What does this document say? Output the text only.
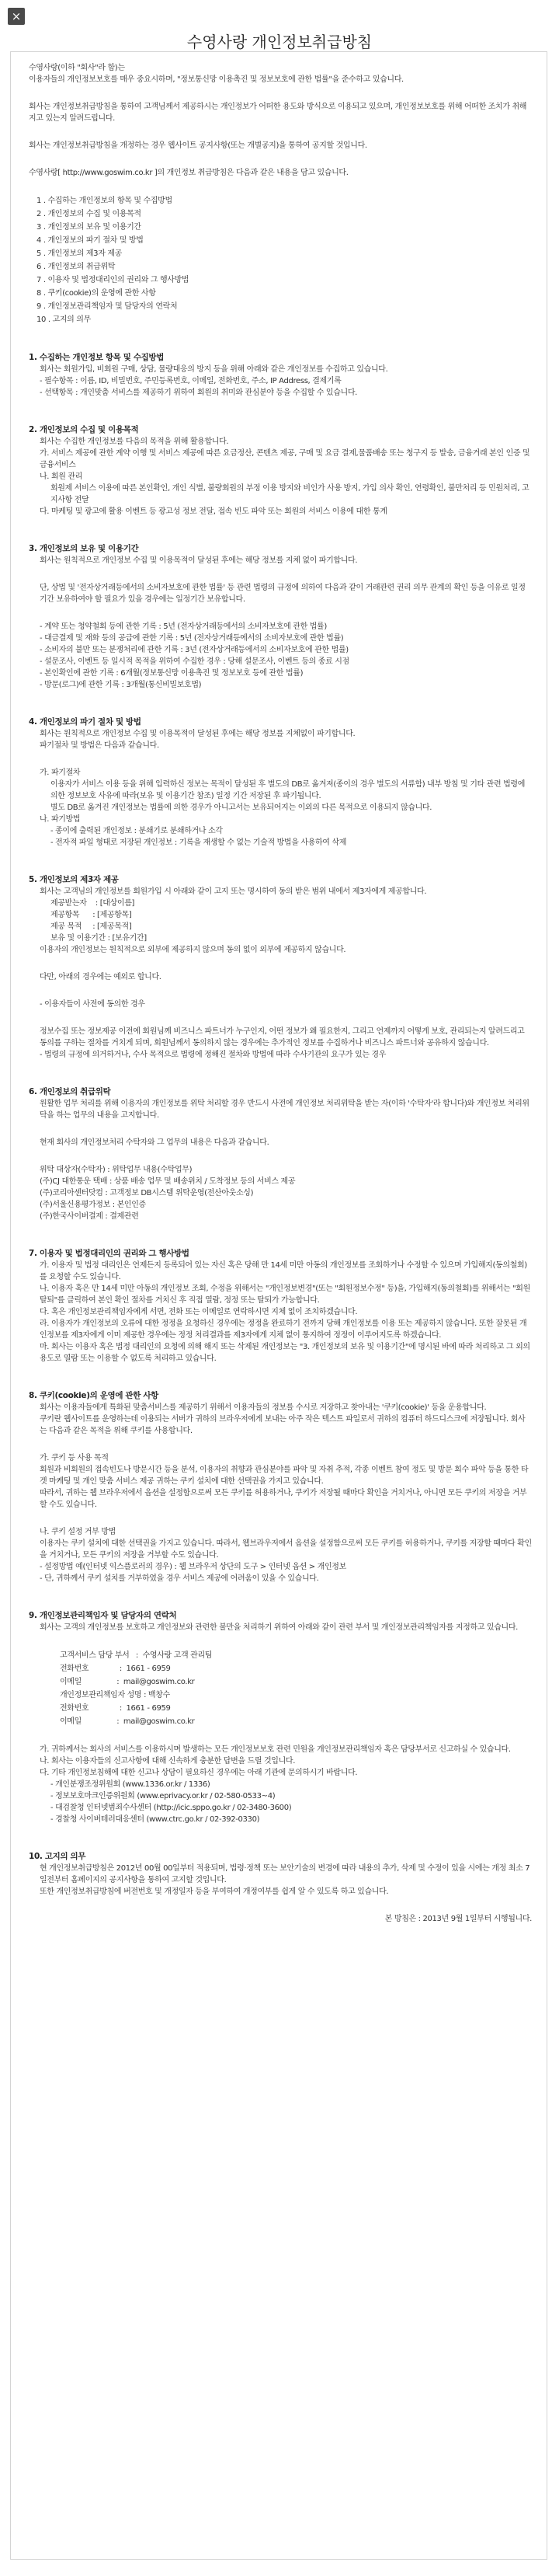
×
수영사랑 개인정보취급방침

수영사랑(이하 "회사"라 함)는

이용자들의 개인정보보호를 매우 중요시하며, "정보통신망 이용촉진 및 정보보호에 관한 법률"을 준수하고 있습니다.

회사는 개인정보취급방침을 통하여 고객님께서 제공하시는 개인정보가 어떠한 용도와 방식으로 이용되고 있으며, 개인정보보호를 위해 어떠한 조치가 취해지고 있는지 알려드립니다.

회사는 개인정보취급방침을 개정하는 경우 웹사이트 공지사항(또는 개별공지)을 통하여 공지할 것입니다.

수영사랑[ http://www.goswim.co.kr ]의 개인정보 취급방침은 다음과 같은 내용을 담고 있습니다.

1 . 수집하는 개인정보의 항목 및 수집방법

2 . 개인정보의 수집 및 이용목적

3 . 개인정보의 보유 및 이용기간

4 . 개인정보의 파기 절차 및 방법

5 . 개인정보의 제3자 제공

6 . 개인정보의 취급위탁

7 . 이용자 및 법정대리인의 권리와 그 행사방법

8 . 쿠키(cookie)의 운영에 관한 사항

9 . 개인정보관리책임자 및 담당자의 연락처

10 . 고지의 의무

1. 수집하는 개인정보 항목 및 수집방법

회사는 회원가입, 비회원 구매, 상담, 물량대응의 방지 등을 위해 아래와 같은 개인정보를 수집하고 있습니다.

- 필수항목 : 이름, ID, 비밀번호, 주민등록번호, 이메일, 전화번호, 주소, IP Address, 결제기록

- 선택항목 : 개인맞춤 서비스를 제공하기 위하여 회원의 취미와 관심분야 등을 수집할 수 있습니다.

2. 개인정보의 수집 및 이용목적

회사는 수집한 개인정보를 다음의 목적을 위해 활용합니다.

가. 서비스 제공에 관한 계약 이행 및 서비스 제공에 따른 요금정산, 콘텐츠 제공, 구매 및 요금 결제,물품배송 또는 청구지 등 발송, 금융거래 본인 인증 및 금융서비스

나. 회원 관리

회원제 서비스 이용에 따른 본인확인, 개인 식별, 불량회원의 부정 이용 방지와 비인가 사용 방지, 가입 의사 확인, 연령확인, 불만처리 등 민원처리, 고지사항 전달

다. 마케팅 및 광고에 활용 이벤트 등 광고성 정보 전달, 접속 빈도 파악 또는 회원의 서비스 이용에 대한 통계

3. 개인정보의 보유 및 이용기간

회사는 원칙적으로 개인정보 수집 및 이용목적이 달성된 후에는 해당 정보를 지체 없이 파기합니다.

단, 상법 및 '전자상거래등에서의 소비자보호에 관한 법률' 등 관련 법령의 규정에 의하여 다음과 같이 거래관련 권리 의무 관계의 확인 등을 이유로 일정기간 보유하여야 할 필요가 있을 경우에는 일정기간 보유합니다.

- 계약 또는 청약철회 등에 관한 기록 : 5년 (전자상거래등에서의 소비자보호에 관한 법률)

- 대금결제 및 재화 등의 공급에 관한 기록 : 5년 (전자상거래등에서의 소비자보호에 관한 법률)

- 소비자의 불만 또는 분쟁처리에 관한 기록 : 3년 (전자상거래등에서의 소비자보호에 관한 법률)

- 설문조사, 이벤트 등 일시적 목적을 위하여 수집한 경우 : 당해 설문조사, 이벤트 등의 종료 시점

- 본인확인에 관한 기록 : 6개월(정보통신망 이용촉진 및 정보보호 등에 관한 법률)

- 방문(로그)에 관한 기록 : 3개월(통신비밀보호법)

4. 개인정보의 파기 절차 및 방법

회사는 원칙적으로 개인정보 수집 및 이용목적이 달성된 후에는 해당 정보를 지체없이 파기합니다.

파기절차 및 방법은 다음과 같습니다.

가. 파기절차

이용자가 서비스 이용 등을 위해 입력하신 정보는 목적이 달성된 후 별도의 DB로 옮겨져(종이의 경우 별도의 서류함) 내부 방침 및 기타 관련 법령에 의한 정보보호 사유에 따라(보유 및 이용기간 참조) 일정 기간 저장된 후 파기됩니다.

별도 DB로 옮겨진 개인정보는 법률에 의한 경우가 아니고서는 보유되어지는 이외의 다른 목적으로 이용되지 않습니다.

나. 파기방법

- 종이에 출력된 개인정보 : 분쇄기로 분쇄하거나 소각

- 전자적 파일 형태로 저장된 개인정보 : 기록을 재생할 수 없는 기술적 방법을 사용하여 삭제

5. 개인정보의 제3자 제공

회사는 고객님의 개인정보를 회원가입 시 아래와 같이 고지 또는 명시하여 동의 받은 범위 내에서 제3자에게 제공합니다.

제공받는자    : [대상이름]

제공항목      : [제공항목]

제공 목적     : [제공목적]

보유 및 이용기간 : [보유기간]

이용자의 개인정보는 원칙적으로 외부에 제공하지 않으며 동의 없이 외부에 제공하지 않습니다.

다만, 아래의 경우에는 예외로 합니다.

- 이용자들이 사전에 동의한 경우

정보수집 또는 정보제공 이전에 회원님께 비즈니스 파트너가 누구인지, 어떤 정보가 왜 필요한지, 그리고 언제까지 어떻게 보호, 관리되는지 알려드리고 동의를 구하는 절차를 거치게 되며, 회원님께서 동의하지 않는 경우에는 추가적인 정보를 수집하거나 비즈니스 파트너와 공유하지 않습니다.

- 법령의 규정에 의거하거나, 수사 목적으로 법령에 정해진 절차와 방법에 따라 수사기관의 요구가 있는 경우

6. 개인정보의 취급위탁

원활한 업무 처리를 위해 이용자의 개인정보를 위탁 처리할 경우 반드시 사전에 개인정보 처리위탁을 받는 자(이하 '수탁자'라 합니다)와 개인정보 처리위탁을 하는 업무의 내용을 고지합니다.

현재 회사의 개인정보처리 수탁자와 그 업무의 내용은 다음과 같습니다.

위탁 대상자(수탁자) : 위탁업무 내용(수탁업무)

(주)CJ 대한통운 택배 : 상품 배송 업무 및 배송위치 / 도착정보 등의 서비스 제공

(주)코리아센터닷컴 : 고객정보 DB시스템 위탁운영(전산아웃소싱)

(주)서울신용평가정보 : 본인인증

(주)한국사이버결제 : 결제관련

7. 이용자 및 법정대리인의 권리와 그 행사방법

가. 이용자 및 법정 대리인은 언제든지 등록되어 있는 자신 혹은 당해 만 14세 미만 아동의 개인정보를 조회하거나 수정할 수 있으며 가입해지(동의철회)를 요청할 수도 있습니다.

나. 이용자 혹은 만 14세 미만 아동의 개인정보 조회, 수정을 위해서는 "개인정보변경"(또는 "회원정보수정" 등)을, 가입해지(동의철회)를 위해서는 "회원탈퇴"를 클릭하여 본인 확인 절차를 거치신 후 직접 열람, 정정 또는 탈퇴가 가능합니다.

다. 혹은 개인정보관리책임자에게 서면, 전화 또는 이메일로 연락하시면 지체 없이 조치하겠습니다.

라. 이용자가 개인정보의 오류에 대한 정정을 요청하신 경우에는 정정을 완료하기 전까지 당해 개인정보를 이용 또는 제공하지 않습니다. 또한 잘못된 개인정보를 제3자에게 이미 제공한 경우에는 정정 처리결과를 제3자에게 지체 없이 통지하여 정정이 이루어지도록 하겠습니다.

마. 회사는 이용자 혹은 법정 대리인의 요청에 의해 해지 또는 삭제된 개인정보는 "3. 개인정보의 보유 및 이용기간"에 명시된 바에 따라 처리하고 그 외의 용도로 열람 또는 이용할 수 없도록 처리하고 있습니다.

8. 쿠키(cookie)의 운영에 관한 사항

회사는 이용자들에게 특화된 맞춤서비스를 제공하기 위해서 이용자들의 정보를 수시로 저장하고 찾아내는 '쿠키(cookie)' 등을 운용합니다.

쿠키란 웹사이트를 운영하는데 이용되는 서버가 귀하의 브라우저에게 보내는 아주 작은 텍스트 파일로서 귀하의 컴퓨터 하드디스크에 저장됩니다. 회사는 다음과 같은 목적을 위해 쿠키를 사용합니다.

가. 쿠키 등 사용 목적

회원과 비회원의 접속빈도나 방문시간 등을 분석, 이용자의 취향과 관심분야를 파악 및 자취 추적, 각종 이벤트 참여 정도 및 방문 회수 파악 등을 통한 타겟 마케팅 및 개인 맞춤 서비스 제공 귀하는 쿠키 설치에 대한 선택권을 가지고 있습니다.

따라서, 귀하는 웹 브라우저에서 옵션을 설정함으로써 모든 쿠키를 허용하거나, 쿠키가 저장될 때마다 확인을 거치거나, 아니면 모든 쿠키의 저장을 거부할 수도 있습니다.

나. 쿠키 설정 거부 방법

이용자는 쿠키 설치에 대한 선택권을 가지고 있습니다. 따라서, 웹브라우저에서 옵션을 설정함으로써 모든 쿠키를 허용하거나, 쿠키를 저장할 때마다 확인을 거치거나, 모든 쿠키의 저장을 거부할 수도 있습니다.

- 설정방법 예(인터넷 익스플로러의 경우) : 웹 브라우저 상단의 도구 > 인터넷 옵션 > 개인정보

- 단, 귀하께서 쿠키 설치를 거부하였을 경우 서비스 제공에 어려움이 있을 수 있습니다.

9. 개인정보관리책임자 및 담당자의 연락처

회사는 고객의 개인정보를 보호하고 개인정보와 관련한 불만을 처리하기 위하여 아래와 같이 관련 부서 및 개인정보관리책임자를 지정하고 있습니다.

고객서비스 담당 부서   :  수영사랑 고객 관리팀

전화번호              :  1661 - 6959

이메일                :  mail@goswim.co.kr

개인정보관리책임자 성명 : 백창수

전화번호              :  1661 - 6959

이메일                :  mail@goswim.co.kr

가. 귀하께서는 회사의 서비스를 이용하시며 발생하는 모든 개인정보보호 관련 민원을 개인정보관리책임자 혹은 담당부서로 신고하실 수 있습니다.

나. 회사는 이용자들의 신고사항에 대해 신속하게 충분한 답변을 드릴 것입니다.

다. 기타 개인정보침해에 대한 신고나 상담이 필요하신 경우에는 아래 기관에 문의하시기 바랍니다.

- 개인분쟁조정위원회 (www.1336.or.kr / 1336)

- 정보보호마크인증위원회 (www.eprivacy.or.kr / 02-580-0533~4)

- 대검찰청 인터넷범죄수사센터 (http://icic.sppo.go.kr / 02-3480-3600)

- 경찰청 사이버테러대응센터 (www.ctrc.go.kr / 02-392-0330)

10. 고지의 의무

현 개인정보취급방침은 2012년 00월 00일부터 적용되며, 법령·정책 또는 보안기술의 변경에 따라 내용의 추가, 삭제 및 수정이 있을 시에는 개정 최소 7일전부터 홈페이지의 공지사항을 통하여 고지할 것입니다.

또한 개인정보취급방침에 버전번호 및 개정일자 등을 부여하여 개정여부를 쉽게 알 수 있도록 하고 있습니다.

본 방침은 : 2013년 9월 1일부터 시행됩니다.
